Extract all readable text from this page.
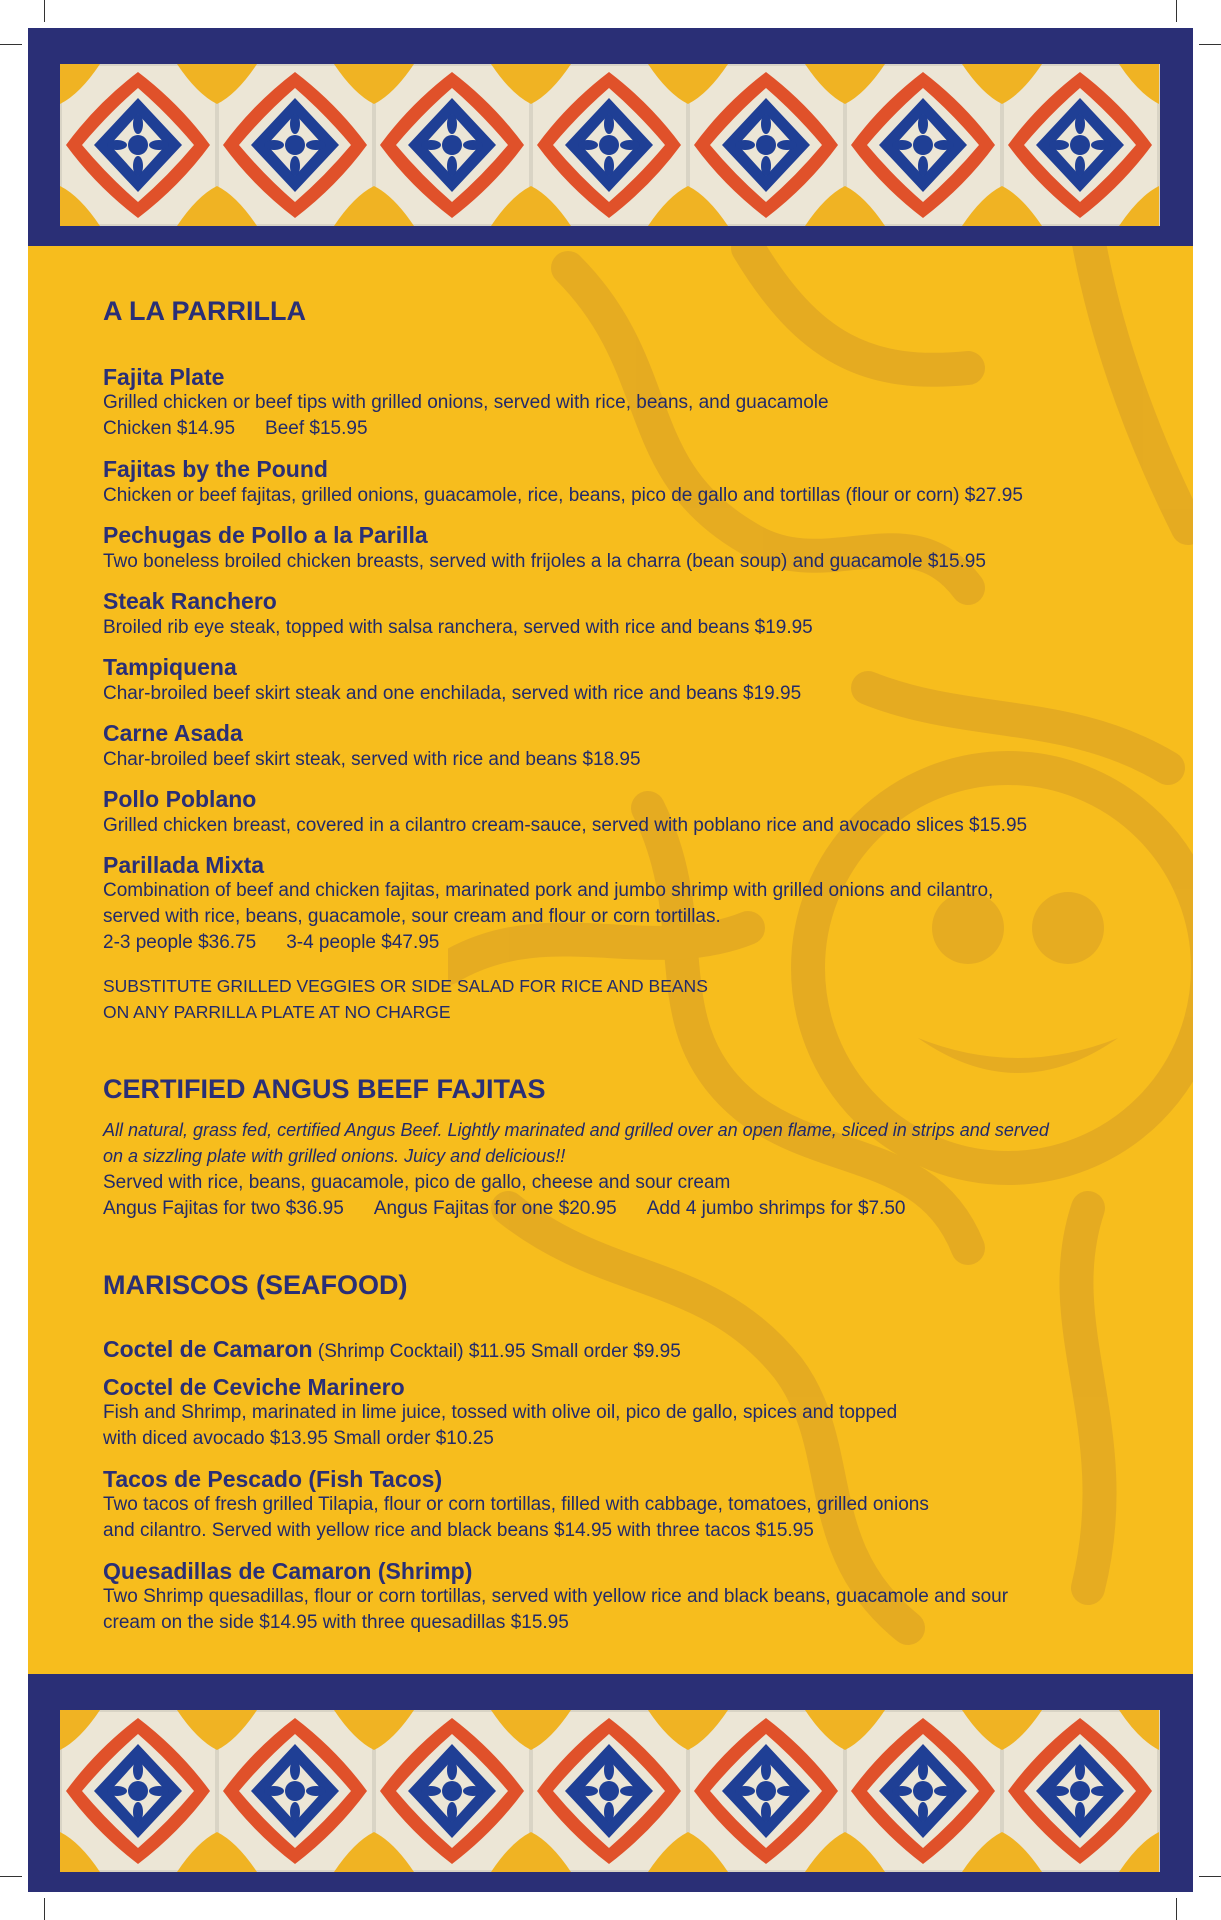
A LA PARRILLA
Fajita Plate
Grilled chicken or beef tips with grilled onions, served with rice, beans, and guacamole
Chicken $14.95 Beef $15.95
Fajitas by the Pound
Chicken or beef fajitas, grilled onions, guacamole, rice, beans, pico de gallo and tortillas (flour or corn) $27.95
Pechugas de Pollo a la Parilla
Two boneless broiled chicken breasts, served with frijoles a la charra (bean soup) and guacamole $15.95
Steak Ranchero
Broiled rib eye steak, topped with salsa ranchera, served with rice and beans $19.95
Tampiquena
Char-broiled beef skirt steak and one enchilada, served with rice and beans $19.95
Carne Asada
Char-broiled beef skirt steak, served with rice and beans $18.95
Pollo Poblano
Grilled chicken breast, covered in a cilantro cream-sauce, served with poblano rice and avocado slices $15.95
Parillada Mixta
Combination of beef and chicken fajitas, marinated pork and jumbo shrimp with grilled onions and cilantro,
served with rice, beans, guacamole, sour cream and flour or corn tortillas.
2-3 people $36.75 3-4 people $47.95
SUBSTITUTE GRILLED VEGGIES OR SIDE SALAD FOR RICE AND BEANS
ON ANY PARRILLA PLATE AT NO CHARGE
CERTIFIED ANGUS BEEF FAJITAS
All natural, grass fed, certified Angus Beef. Lightly marinated and grilled over an open flame, sliced in strips and served
on a sizzling plate with grilled onions. Juicy and delicious!!
Served with rice, beans, guacamole, pico de gallo, cheese and sour cream
Angus Fajitas for two $36.95 Angus Fajitas for one $20.95 Add 4 jumbo shrimps for $7.50
MARISCOS (SEAFOOD)
Coctel de Camaron (Shrimp Cocktail) $11.95 Small order $9.95
Coctel de Ceviche Marinero
Fish and Shrimp, marinated in lime juice, tossed with olive oil, pico de gallo, spices and topped
with diced avocado $13.95 Small order $10.25
Tacos de Pescado (Fish Tacos)
Two tacos of fresh grilled Tilapia, flour or corn tortillas, filled with cabbage, tomatoes, grilled onions
and cilantro. Served with yellow rice and black beans $14.95 with three tacos $15.95
Quesadillas de Camaron (Shrimp)
Two Shrimp quesadillas, flour or corn tortillas, served with yellow rice and black beans, guacamole and sour
cream on the side $14.95 with three quesadillas $15.95
